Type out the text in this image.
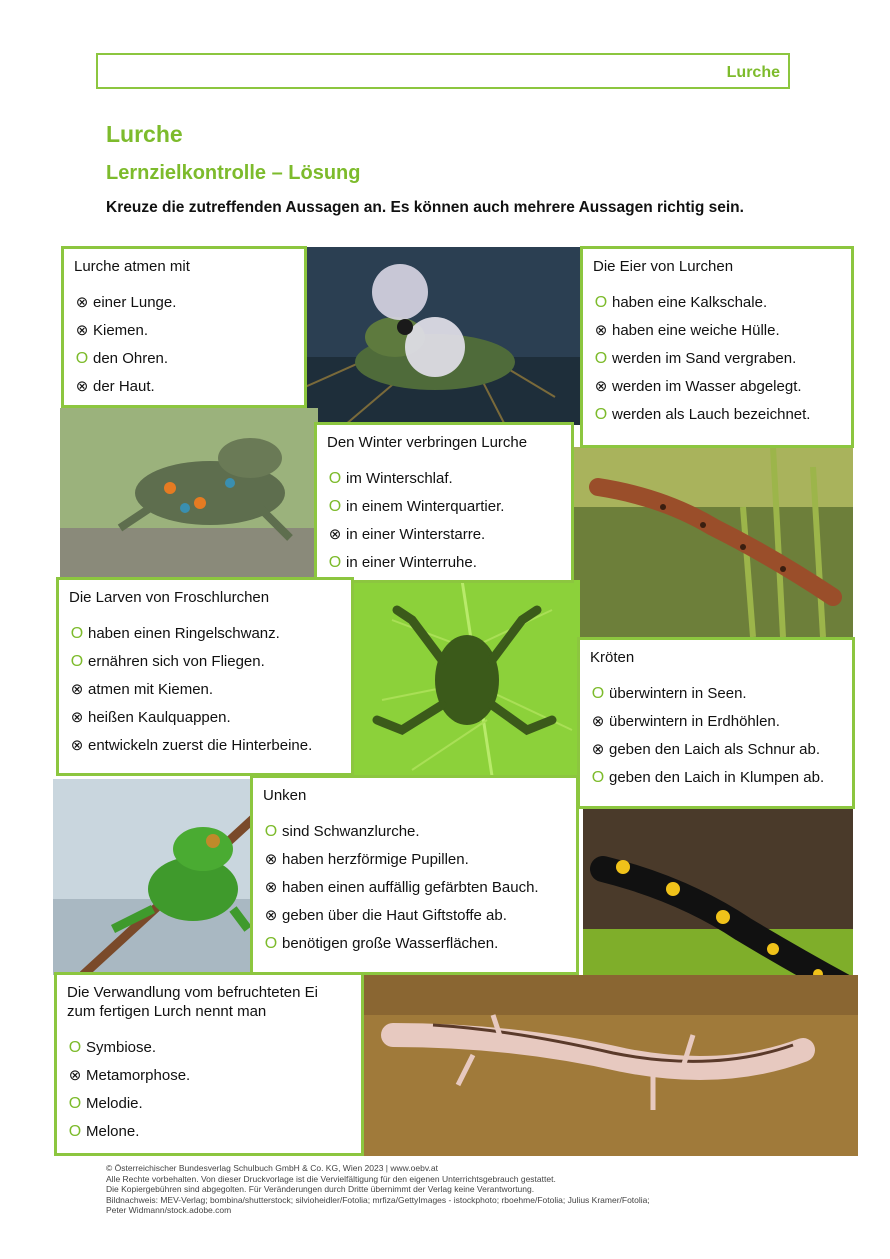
Lurche
Lurche
Lernzielkontrolle – Lösung
Kreuze die zutreffenden Aussagen an. Es können auch mehrere Aussagen richtig sein.
Lurche atmen mit
⊗ einer Lunge.
⊗ Kiemen.
O den Ohren.
⊗ der Haut.
Die Eier von Lurchen
O haben eine Kalkschale.
⊗ haben eine weiche Hülle.
O werden im Sand vergraben.
⊗ werden im Wasser abgelegt.
O werden als Lauch bezeichnet.
Den Winter verbringen Lurche
O im Winterschlaf.
O in einem Winterquartier.
⊗ in einer Winterstarre.
O in einer Winterruhe.
Die Larven von Froschlurchen
O haben einen Ringelschwanz.
O ernähren sich von Fliegen.
⊗ atmen mit Kiemen.
⊗ heißen Kaulquappen.
⊗ entwickeln zuerst die Hinterbeine.
Kröten
O überwintern in Seen.
⊗ überwintern in Erdhöhlen.
⊗ geben den Laich als Schnur ab.
O geben den Laich in Klumpen ab.
Unken
O sind Schwanzlurche.
⊗ haben herzförmige Pupillen.
⊗ haben einen auffällig gefärbten Bauch.
⊗ geben über die Haut Giftstoffe ab.
O benötigen große Wasserflächen.
Die Verwandlung vom befruchteten Ei
zum fertigen Lurch nennt man
O Symbiose.
⊗ Metamorphose.
O Melodie.
O Melone.
© Österreichischer Bundesverlag Schulbuch GmbH & Co. KG, Wien 2023 | www.oebv.at
Alle Rechte vorbehalten. Von dieser Druckvorlage ist die Vervielfältigung für den eigenen Unterrichtsgebrauch gestattet.
Die Kopiergebühren sind abgegolten. Für Veränderungen durch Dritte übernimmt der Verlag keine Verantwortung.
Bildnachweis: MEV-Verlag; bombina/shutterstock; silvioheidler/Fotolia; mrfiza/GettyImages - istockphoto; rboehme/Fotolia; Julius Kramer/Fotolia;
Peter Widmann/stock.adobe.com
